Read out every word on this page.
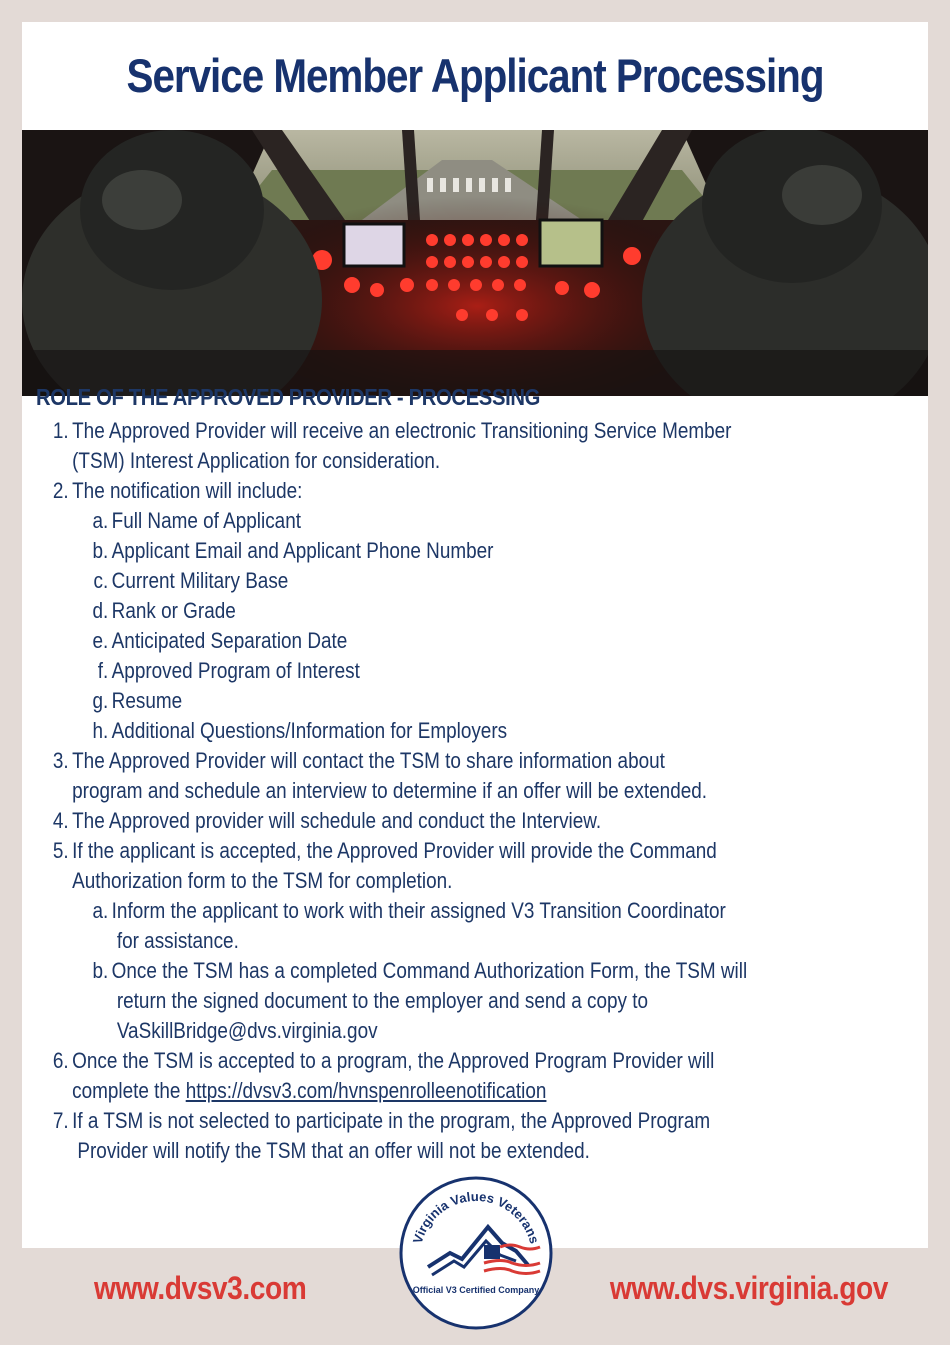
Service Member Applicant Processing
ROLE OF THE APPROVED PROVIDER - PROCESSING
1. The Approved Provider will receive an electronic Transitioning Service Member
(TSM) Interest Application for consideration.
2. The notification will include:
a. Full Name of Applicant
b. Applicant Email and Applicant Phone Number
c. Current Military Base
d. Rank or Grade
e. Anticipated Separation Date
f. Approved Program of Interest
g. Resume
h. Additional Questions/Information for Employers
3. The Approved Provider will contact the TSM to share information about
program and schedule an interview to determine if an offer will be extended.
4. The Approved provider will schedule and conduct the Interview.
5. If the applicant is accepted, the Approved Provider will provide the Command
Authorization form to the TSM for completion.
a. Inform the applicant to work with their assigned V3 Transition Coordinator
for assistance.
b. Once the TSM has a completed Command Authorization Form, the TSM will
return the signed document to the employer and send a copy to
VaSkillBridge@dvs.virginia.gov
6. Once the TSM is accepted to a program, the Approved Program Provider will
complete the https://dvsv3.com/hvnspenrolleenotification
7. If a TSM is not selected to participate in the program, the Approved Program
Provider will notify the TSM that an offer will not be extended.
www.dvsv3.com	www.dvs.virginia.gov
Virginia Values Veterans
Official V3 Certified Company
